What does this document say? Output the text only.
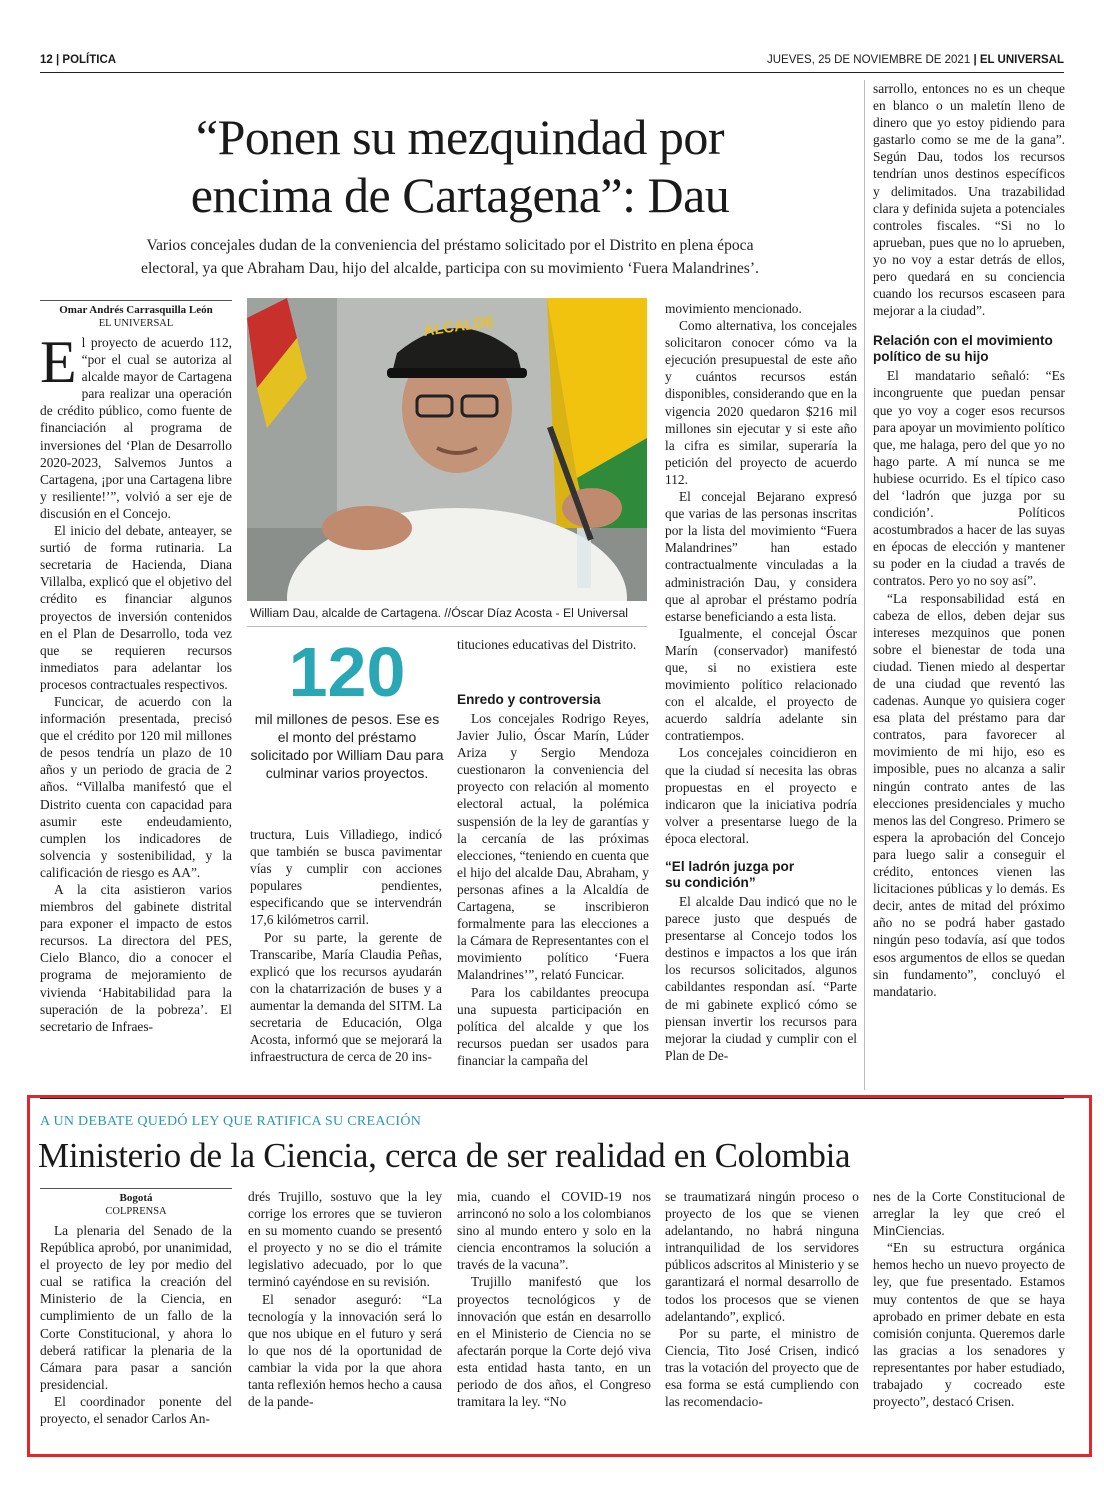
12 | POLÍTICA	JUEVES, 25 DE NOVIEMBRE DE 2021 | EL UNIVERSAL
“Ponen su mezquindad por
encima de Cartagena”: Dau
Varios concejales dudan de la conveniencia del préstamo solicitado por el Distrito en plena época
electoral, ya que Abraham Dau, hijo del alcalde, participa con su movimiento ‘Fuera Malandrines’.
Omar Andrés Carrasquilla León
EL UNIVERSAL

El proyecto de acuerdo 112, “por el cual se autoriza al alcalde mayor de Cartagena para realizar una operación de crédito público, como fuente de financiación al programa de inversiones del ‘Plan de Desarrollo 2020-2023, Salvemos Juntos a Cartagena, ¡por una Cartagena libre y resiliente!’”, volvió a ser eje de discusión en el Concejo.

El inicio del debate, anteayer, se surtió de forma rutinaria. La secretaria de Hacienda, Diana Villalba, explicó que el objetivo del crédito es financiar algunos proyectos de inversión contenidos en el Plan de Desarrollo, toda vez que se requieren recursos inmediatos para adelantar los procesos contractuales respectivos.

Funcicar, de acuerdo con la información presentada, precisó que el crédito por 120 mil millones de pesos tendría un plazo de 10 años y un periodo de gracia de 2 años. “Villalba manifestó que el Distrito cuenta con capacidad para asumir este endeudamiento, cumplen los indicadores de solvencia y sostenibilidad, y la calificación de riesgo es AA”.

A la cita asistieron varios miembros del gabinete distrital para exponer el impacto de estos recursos. La directora del PES, Cielo Blanco, dio a conocer el programa de mejoramiento de vivienda ‘Habitabilidad para la superación de la pobreza’. El secretario de Infraes-

ALCALDE
William Dau, alcalde de Cartagena. //Óscar Díaz Acosta - El Universal
120
mil millones de pesos. Ese es el monto del préstamo solicitado por William Dau para culminar varios proyectos.

tituciones educativas del Distrito.

tructura, Luis Villadiego, indicó que también se busca pavimentar vías y cumplir con acciones populares pendientes, especificando que se intervendrán 17,6 kilómetros carril.

Por su parte, la gerente de Transcaribe, María Claudia Peñas, explicó que los recursos ayudarán con la chatarrización de buses y a aumentar la demanda del SITM. La secretaria de Educación, Olga Acosta, informó que se mejorará la infraestructura de cerca de 20 ins-

Enredo y controversia

Los concejales Rodrigo Reyes, Javier Julio, Óscar Marín, Lúder Ariza y Sergio Mendoza cuestionaron la conveniencia del proyecto con relación al momento electoral actual, la polémica suspensión de la ley de garantías y la cercanía de las próximas elecciones, “teniendo en cuenta que el hijo del alcalde Dau, Abraham, y personas afines a la Alcaldía de Cartagena, se inscribieron formalmente para las elecciones a la Cámara de Representantes con el movimiento político ‘Fuera Malandrines’”, relató Funcicar.

Para los cabildantes preocupa una supuesta participación en política del alcalde y que los recursos puedan ser usados para financiar la campaña del

movimiento mencionado.

Como alternativa, los concejales solicitaron conocer cómo va la ejecución presupuestal de este año y cuántos recursos están disponibles, considerando que en la vigencia 2020 quedaron $216 mil millones sin ejecutar y si este año la cifra es similar, superaría la petición del proyecto de acuerdo 112.

El concejal Bejarano expresó que varias de las personas inscritas por la lista del movimiento “Fuera Malandrines” han estado contractualmente vinculadas a la administración Dau, y considera que al aprobar el préstamo podría estarse beneficiando a esta lista.

Igualmente, el concejal Óscar Marín (conservador) manifestó que, si no existiera este movimiento político relacionado con el alcalde, el proyecto de acuerdo saldría adelante sin contratiempos.

Los concejales coincidieron en que la ciudad sí necesita las obras propuestas en el proyecto e indicaron que la iniciativa podría volver a presentarse luego de la época electoral.

“El ladrón juzga por su condición”

El alcalde Dau indicó que no le parece justo que después de presentarse al Concejo todos los destinos e impactos a los que irán los recursos solicitados, algunos cabildantes respondan así. “Parte de mi gabinete explicó cómo se piensan invertir los recursos para mejorar la ciudad y cumplir con el Plan de De-

sarrollo, entonces no es un cheque en blanco o un maletín lleno de dinero que yo estoy pidiendo para gastarlo como se me de la gana”. Según Dau, todos los recursos tendrían unos destinos específicos y delimitados. Una trazabilidad clara y definida sujeta a potenciales controles fiscales. “Si no lo aprueban, pues que no lo aprueben, yo no voy a estar detrás de ellos, pero quedará en su conciencia cuando los recursos escaseen para mejorar a la ciudad”.

Relación con el movimiento político de su hijo

El mandatario señaló: “Es incongruente que puedan pensar que yo voy a coger esos recursos para apoyar un movimiento político que, me halaga, pero del que yo no hago parte. A mí nunca se me hubiese ocurrido. Es el típico caso del ‘ladrón que juzga por su condición’. Políticos acostumbrados a hacer de las suyas en épocas de elección y mantener su poder en la ciudad a través de contratos. Pero yo no soy así”.

“La responsabilidad está en cabeza de ellos, deben dejar sus intereses mezquinos que ponen sobre el bienestar de toda una ciudad. Tienen miedo al despertar de una ciudad que reventó las cadenas. Aunque yo quisiera coger esa plata del préstamo para dar contratos, para favorecer al movimiento de mi hijo, eso es imposible, pues no alcanza a salir ningún contrato antes de las elecciones presidenciales y mucho menos las del Congreso. Primero se espera la aprobación del Concejo para luego salir a conseguir el crédito, entonces vienen las licitaciones públicas y lo demás. Es decir, antes de mitad del próximo año no se podrá haber gastado ningún peso todavía, así que todos esos argumentos de ellos se quedan sin fundamento”, concluyó el mandatario.

A UN DEBATE QUEDÓ LEY QUE RATIFICA SU CREACIÓN
Ministerio de la Ciencia, cerca de ser realidad en Colombia
Bogotá
COLPRENSA

La plenaria del Senado de la República aprobó, por unanimidad, el proyecto de ley por medio del cual se ratifica la creación del Ministerio de la Ciencia, en cumplimiento de un fallo de la Corte Constitucional, y ahora lo deberá ratificar la plenaria de la Cámara para pasar a sanción presidencial.

El coordinador ponente del proyecto, el senador Carlos An-

drés Trujillo, sostuvo que la ley corrige los errores que se tuvieron en su momento cuando se presentó el proyecto y no se dio el trámite legislativo adecuado, por lo que terminó cayéndose en su revisión.

El senador aseguró: “La tecnología y la innovación será lo que nos ubique en el futuro y será lo que nos dé la oportunidad de cambiar la vida por la que ahora tanta reflexión hemos hecho a causa de la pande-

mia, cuando el COVID-19 nos arrinconó no solo a los colombianos sino al mundo entero y solo en la ciencia encontramos la solución a través de la vacuna”.

Trujillo manifestó que los proyectos tecnológicos y de innovación que están en desarrollo en el Ministerio de Ciencia no se afectarán porque la Corte dejó viva esta entidad hasta tanto, en un periodo de dos años, el Congreso tramitara la ley. “No

se traumatizará ningún proceso o proyecto de los que se vienen adelantando, no habrá ninguna intranquilidad de los servidores públicos adscritos al Ministerio y se garantizará el normal desarrollo de todos los procesos que se vienen adelantando”, explicó.

Por su parte, el ministro de Ciencia, Tito José Crisen, indicó tras la votación del proyecto que de esa forma se está cumpliendo con las recomendacio-

nes de la Corte Constitucional de arreglar la ley que creó el MinCiencias.

“En su estructura orgánica hemos hecho un nuevo proyecto de ley, que fue presentado. Estamos muy contentos de que se haya aprobado en primer debate en esta comisión conjunta. Queremos darle las gracias a los senadores y representantes por haber estudiado, trabajado y cocreado este proyecto”, destacó Crisen.
